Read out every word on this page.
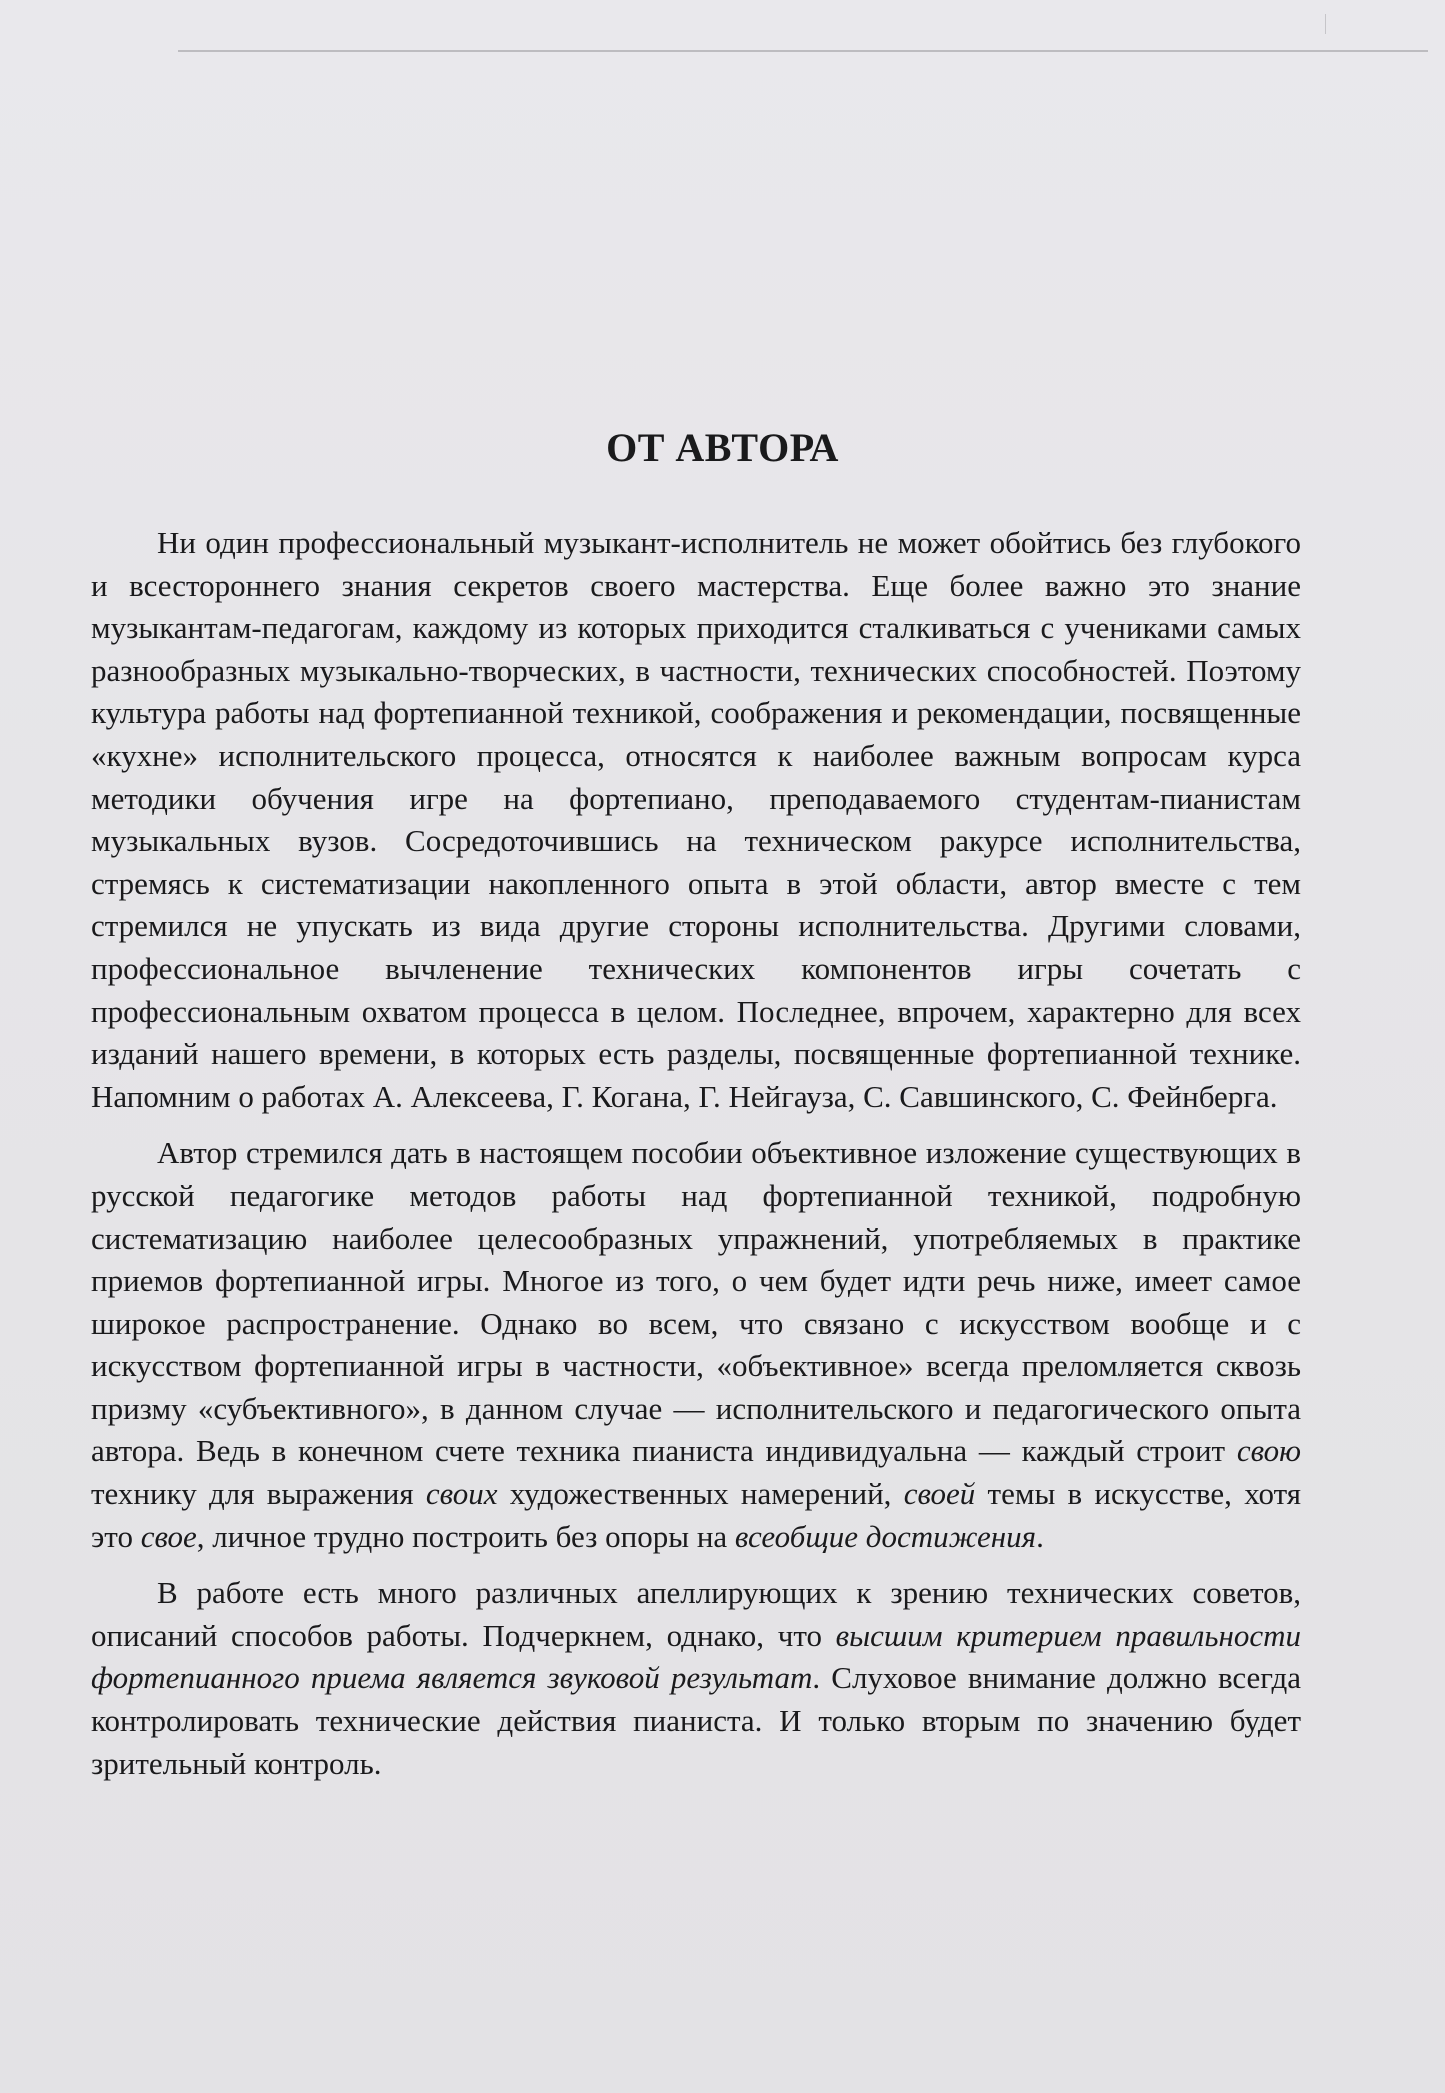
ОТ АВТОРА

Ни один профессиональный музыкант-исполнитель не может обойтись без глубокого и всестороннего знания секретов своего мастерства. Еще более важно это знание музыкантам-педагогам, каждому из которых приходится сталкиваться с учениками самых разнообразных музыкально-творческих, в частности, технических способностей. Поэтому культура работы над фортепианной техникой, соображения и рекомендации, посвященные «кухне» исполнительского процесса, относятся к наиболее важным вопросам курса методики обучения игре на фортепиано, преподаваемого студентам-пианистам музыкальных вузов. Сосредоточившись на техническом ракурсе исполнительства, стремясь к систематизации накопленного опыта в этой области, автор вместе с тем стремился не упускать из вида другие стороны исполнительства. Другими словами, профессиональное вычленение технических компонентов игры сочетать с профессиональным охватом процесса в целом. Последнее, впрочем, характерно для всех изданий нашего времени, в которых есть разделы, посвященные фортепианной технике. Напомним о работах А. Алексеева, Г. Когана, Г. Нейгауза, С. Савшинского, С. Фейнберга.

Автор стремился дать в настоящем пособии объективное изложение существующих в русской педагогике методов работы над фортепианной техникой, подробную систематизацию наиболее целесообразных упражнений, употребляемых в практике приемов фортепианной игры. Многое из того, о чем будет идти речь ниже, имеет самое широкое распространение. Однако во всем, что связано с искусством вообще и с искусством фортепианной игры в частности, «объективное» всегда преломляется сквозь призму «субъективного», в данном случае — исполнительского и педагогического опыта автора. Ведь в конечном счете техника пианиста индивидуальна — каждый строит свою технику для выражения своих художественных намерений, своей темы в искусстве, хотя это свое, личное трудно построить без опоры на всеобщие достижения.

В работе есть много различных апеллирующих к зрению технических советов, описаний способов работы. Подчеркнем, однако, что высшим критерием правильности фортепианного приема является звуковой результат. Слуховое внимание должно всегда контролировать технические действия пианиста. И только вторым по значению будет зрительный контроль.
